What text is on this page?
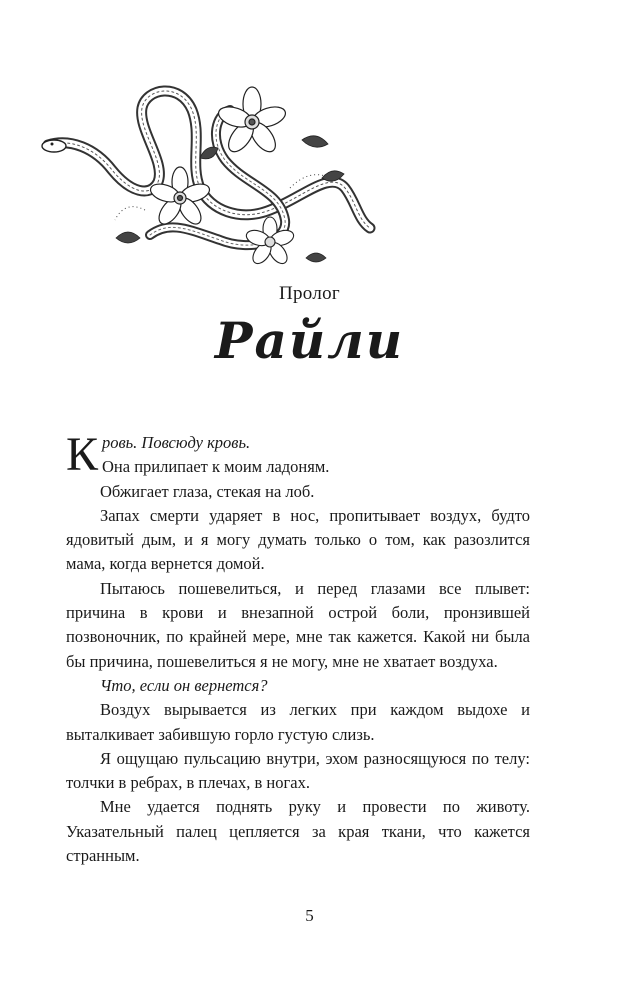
Пролог
Райли

Кровь. Повсюду кровь.
Она прилипает к моим ладоням.

Обжигает глаза, стекая на лоб.

Запах смерти ударяет в нос, пропитывает воздух, будто ядовитый дым, и я могу думать только о том, как разозлится мама, когда вернется домой.

Пытаюсь пошевелиться, и перед глазами все плывет: причина в крови и внезапной острой боли, пронзившей позвоночник, по крайней мере, мне так кажется. Какой ни была бы причина, пошевелиться я не могу, мне не хватает воздуха.

Что, если он вернется?

Воздух вырывается из легких при каждом выдохе и выталкивает забившую горло густую слизь.

Я ощущаю пульсацию внутри, эхом разносящуюся по телу: толчки в ребрах, в плечах, в ногах.

Мне удается поднять руку и провести по животу. Указательный палец цепляется за края ткани, что кажется странным.

5
